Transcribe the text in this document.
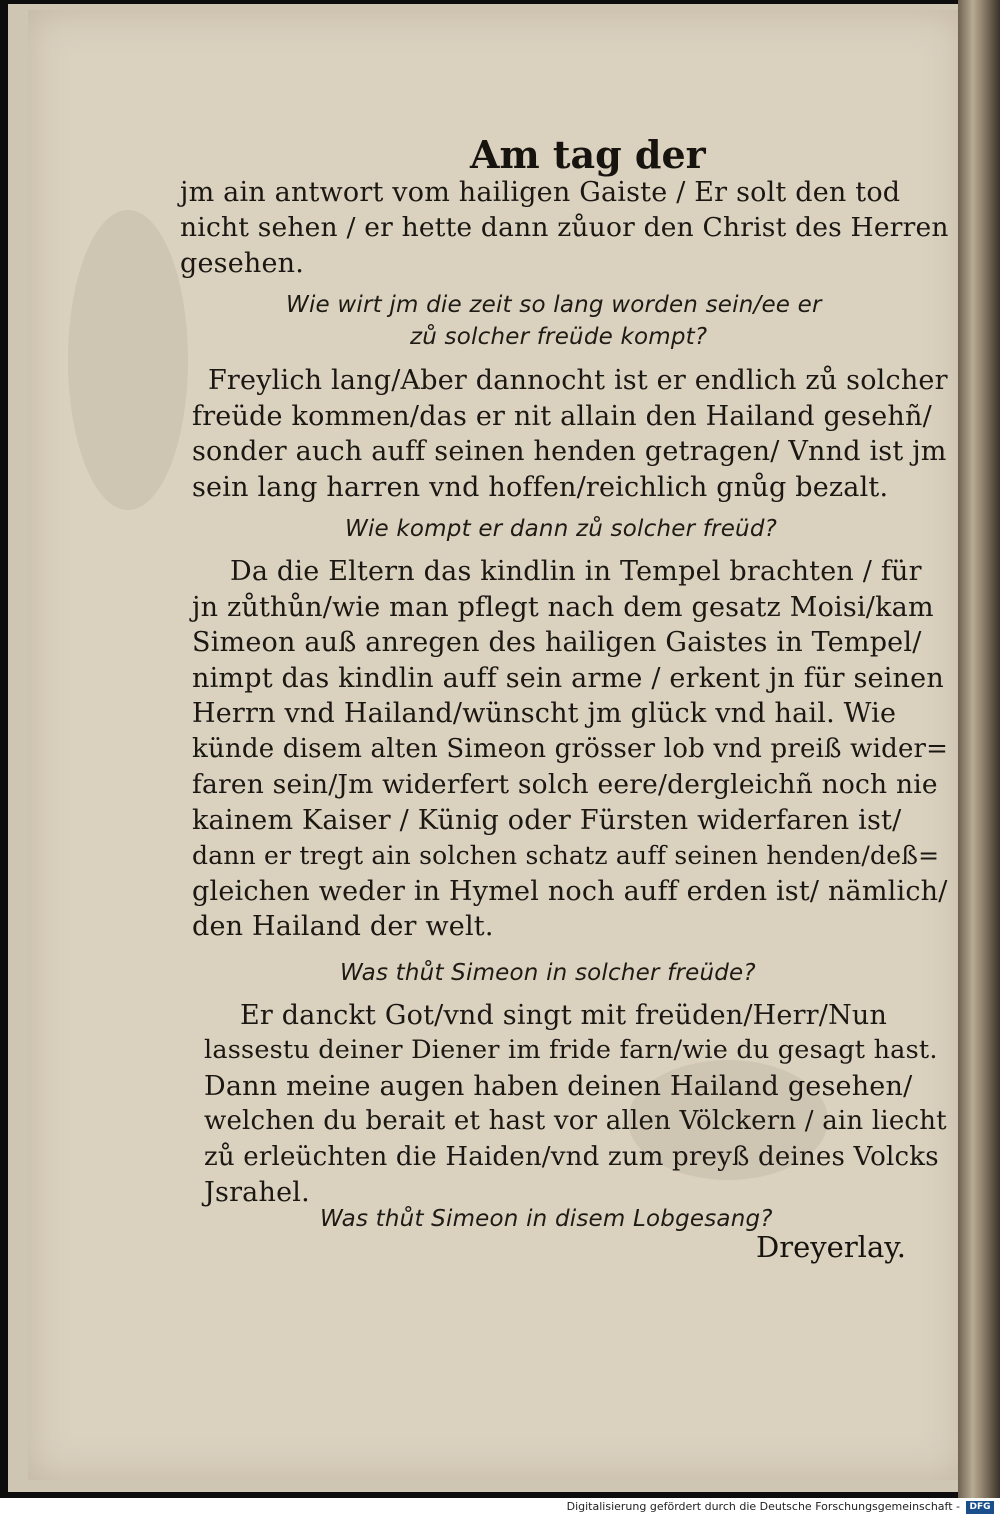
Am tag der
jm ain antwort vom hailigen Gaiste / Er solt den tod
nicht sehen / er hette dann zůuor den Christ des Herren
gesehen.
Wie wirt jm die zeit so lang worden sein/ee er
zů solcher freüde kompt?
Freylich lang/Aber dannocht ist er endlich zů solcher
freüde kommen/das er nit allain den Hailand gesehñ/
sonder auch auff seinen henden getragen/ Vnnd ist jm
sein lang harren vnd hoffen/reichlich gnůg bezalt.
Wie kompt er dann zů solcher freüd?
Da die Eltern das kindlin in Tempel brachten / für
jn zůthůn/wie man pflegt nach dem gesatz Moisi/kam
Simeon auß anregen des hailigen Gaistes in Tempel/
nimpt das kindlin auff sein arme / erkent jn für seinen
Herrn vnd Hailand/wünscht jm glück vnd hail. Wie
künde disem alten Simeon grösser lob vnd preiß wider=
faren sein/Jm widerfert solch eere/dergleichñ noch nie
kainem Kaiser / Künig oder Fürsten widerfaren ist/
dann er tregt ain solchen schatz auff seinen henden/deß=
gleichen weder in Hymel noch auff erden ist/ nämlich/
den Hailand der welt.
Was thůt Simeon in solcher freüde?
Er danckt Got/vnd singt mit freüden/Herr/Nun
lassestu deiner Diener im fride farn/wie du gesagt hast.
Dann meine augen haben deinen Hailand gesehen/
welchen du berait et hast vor allen Völckern / ain liecht
zů erleüchten die Haiden/vnd zum preyß deines Volcks
Jsrahel.
Was thůt Simeon in disem Lobgesang?
Dreyerlay.
Digitalisierung gefördert durch die Deutsche Forschungsgemeinschaft -	DFG
